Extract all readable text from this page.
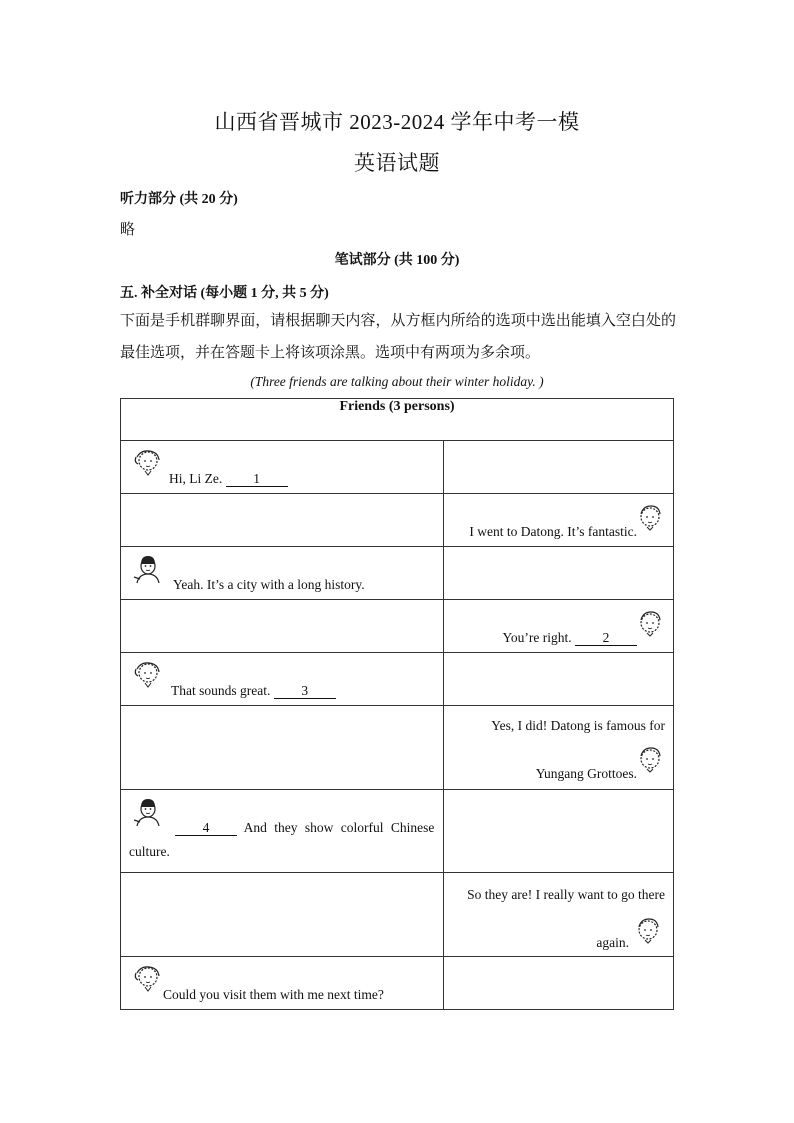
山西省晋城市 2023-2024 学年中考一模
英语试题
听力部分 (共 20 分)
略
笔试部分 (共 100 分)
五. 补全对话 (每小题 1 分, 共 5 分)
下面是手机群聊界面，请根据聊天内容，从方框内所给的选项中选出能填入空白处的最佳选项，并在答题卡上将该项涂黑。选项中有两项为多余项。
(Three friends are talking about their winter holiday. )
Friends (3 persons)	

Hi, Li Ze. 1	

	I went to Datong. It’s fantastic.

Yeah. It’s a city with a long history.	

	You’re right. 2

That sounds great. 3	

	Yes, I did! Datong is famous for
Yungang Grottoes.

4 And they show colorful Chinese
culture.	

	So they are! I really want to go there
again.

Could you visit them with me next time?	
